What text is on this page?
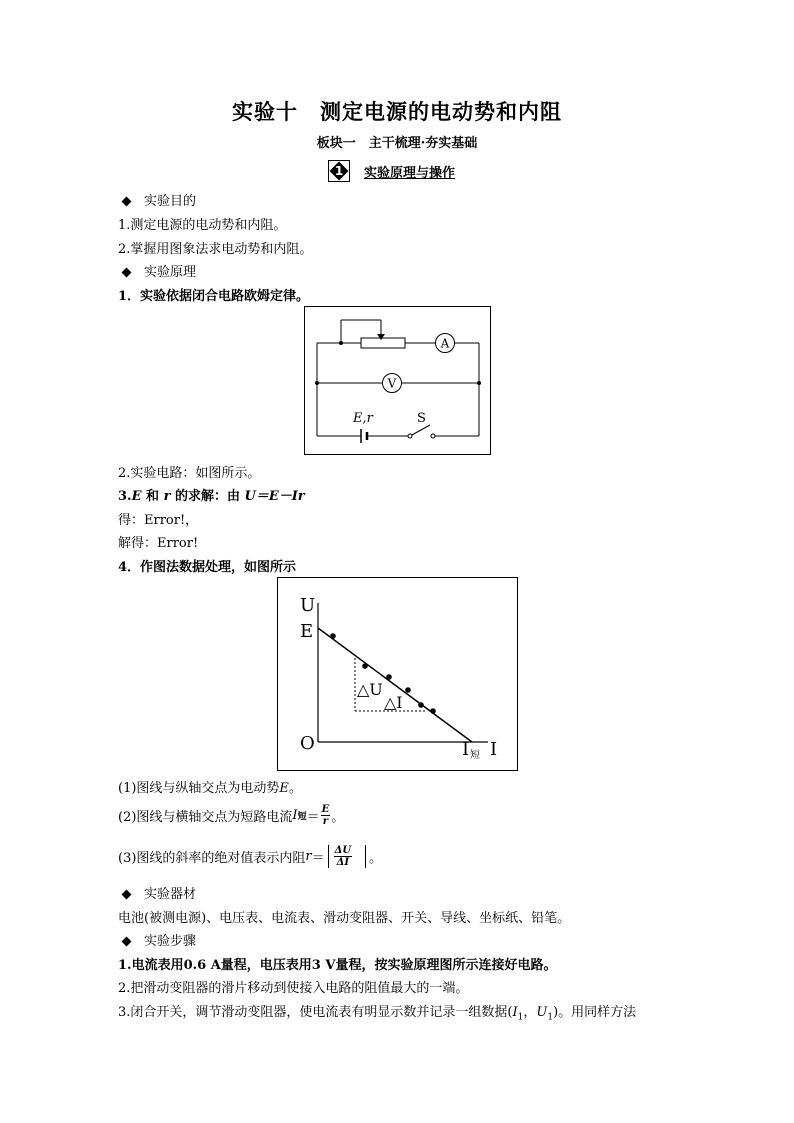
实验十　测定电源的电动势和内阻
板块一　主干梳理·夯实基础
1	实验原理与操作
实验目的
1.测定电源的电动势和内阻。
2.掌握用图象法求电动势和内阻。
实验原理
1．实验依据闭合电路欧姆定律。
A
V
E,r	S
2.实验电路：如图所示。
3.E 和 r 的求解：由 U＝E－Ir
得：Error!，
解得：Error!
4．作图法数据处理，如图所示
U
E
O	I 短 I
△U
△I
(1)图线与纵轴交点为电动势E。
(2)图线与横轴交点为短路电流 I 短 ＝ $\frac{E}{r}$ 。
(3)图线的斜率的绝对值表示内阻 $r = \frac{\Delta U}{\Delta I}$ 。
实验器材
电池(被测电源)、电压表、电流表、滑动变阻器、开关、导线、坐标纸、铅笔。
实验步骤
1.电流表用0.6 A量程，电压表用3 V量程，按实验原理图所示连接好电路。
2.把滑动变阻器的滑片移动到使接入电路的阻值最大的一端。
3.闭合开关，调节滑动变阻器，使电流表有明显示数并记录一组数据($I_1$，$U_1$)。用同样方法
